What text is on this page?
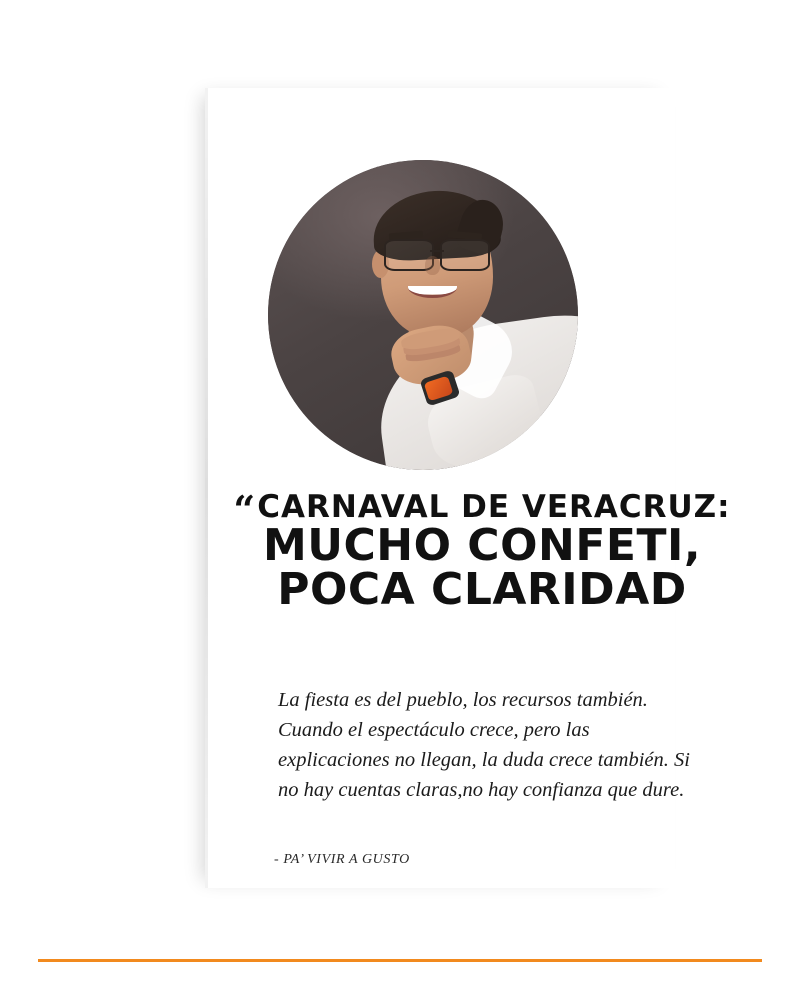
“CARNAVAL DE VERACRUZ:
MUCHO CONFETI,
POCA CLARIDAD

La fiesta es del pueblo, los recursos también. Cuando el espectáculo crece, pero las explicaciones no llegan, la duda crece también. Si no hay cuentas claras,no hay confianza que dure.

- PA’ VIVIR A GUSTO
